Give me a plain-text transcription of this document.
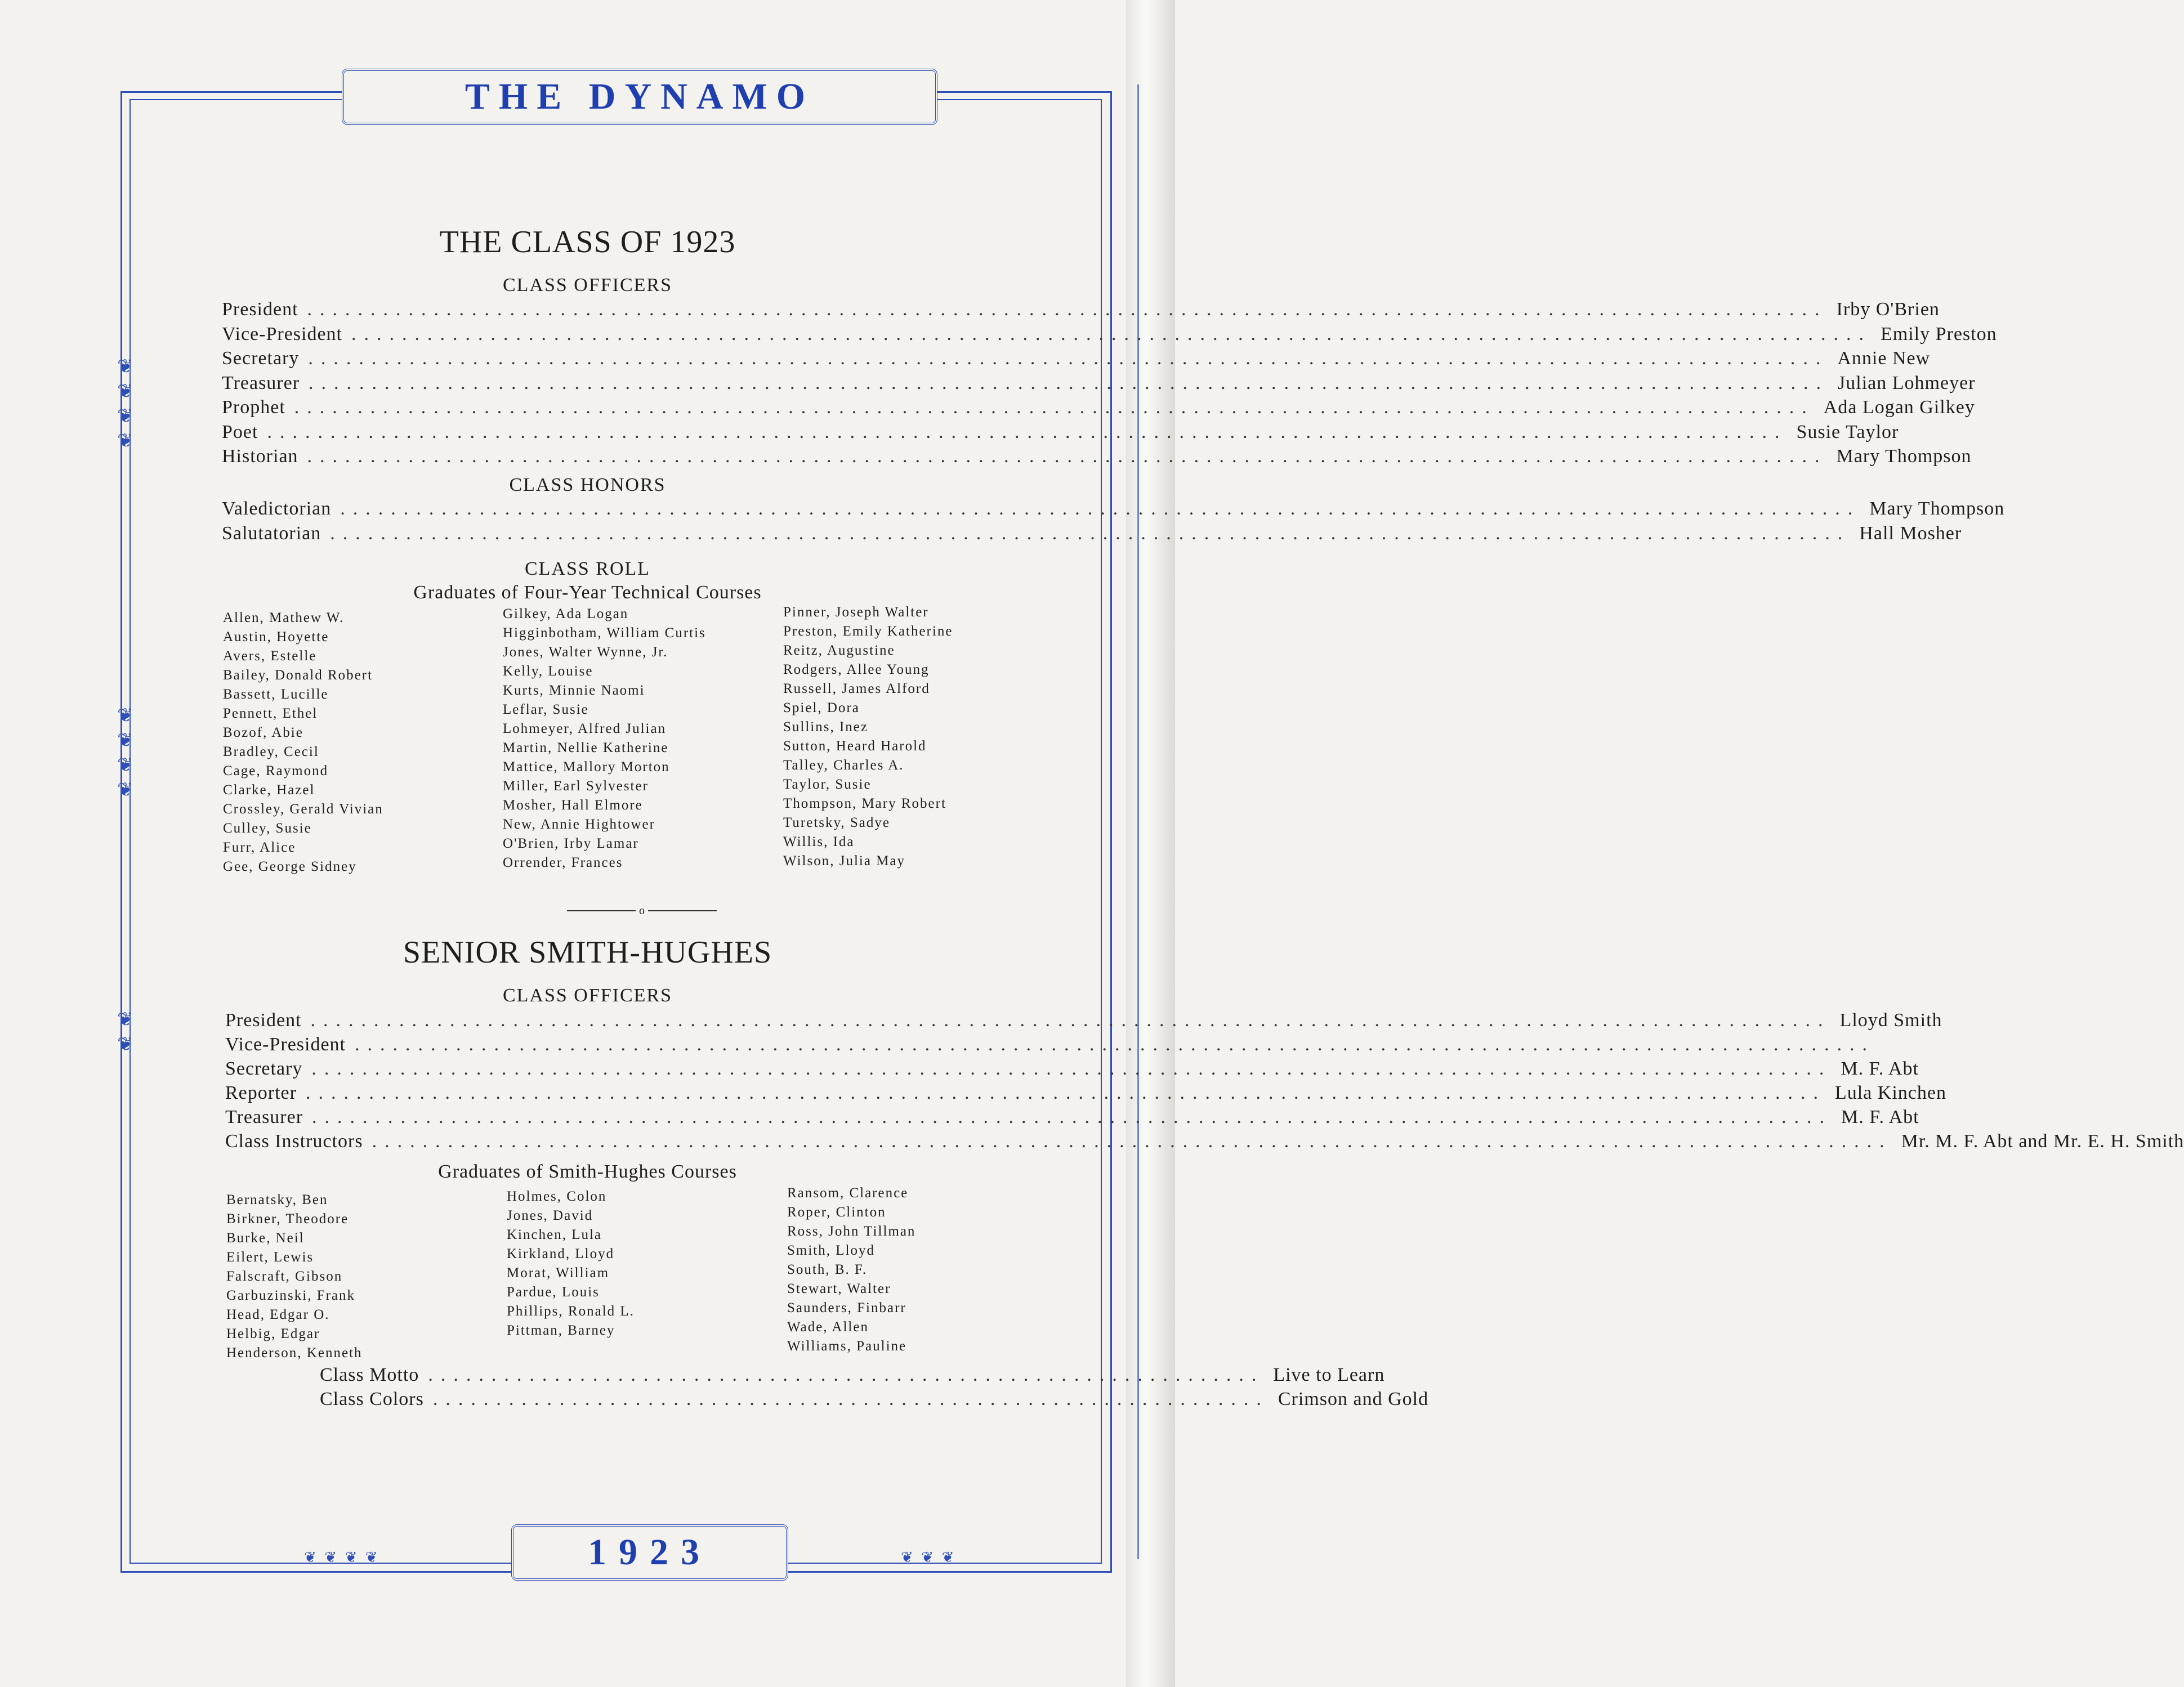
❦
❦
❦
❦
❦
❦
❦
❦
❦
❦
❦ ❦ ❦ ❦	❦ ❦ ❦
THE DYNAMO
1923
THE CLASS OF 1923
CLASS OFFICERS
President ........................................................................................................................ Irby O'Brien
Vice-President ........................................................................................................................ Emily Preston
Secretary ........................................................................................................................ Annie New
Treasurer ........................................................................................................................ Julian Lohmeyer
Prophet ........................................................................................................................ Ada Logan Gilkey
Poet ........................................................................................................................ Susie Taylor
Historian ........................................................................................................................ Mary Thompson
CLASS HONORS
Valedictorian ........................................................................................................................ Mary Thompson
Salutatorian ........................................................................................................................ Hall Mosher
CLASS ROLL
Graduates of Four-Year Technical Courses
Allen, Mathew W.
Austin, Hoyette
Avers, Estelle
Bailey, Donald Robert
Bassett, Lucille
Pennett, Ethel
Bozof, Abie
Bradley, Cecil
Cage, Raymond
Clarke, Hazel
Crossley, Gerald Vivian
Culley, Susie
Furr, Alice
Gee, George Sidney
Gilkey, Ada Logan
Higginbotham, William Curtis
Jones, Walter Wynne, Jr.
Kelly, Louise
Kurts, Minnie Naomi
Leflar, Susie
Lohmeyer, Alfred Julian
Martin, Nellie Katherine
Mattice, Mallory Morton
Miller, Earl Sylvester
Mosher, Hall Elmore
New, Annie Hightower
O'Brien, Irby Lamar
Orrender, Frances
Pinner, Joseph Walter
Preston, Emily Katherine
Reitz, Augustine
Rodgers, Allee Young
Russell, James Alford
Spiel, Dora
Sullins, Inez
Sutton, Heard Harold
Talley, Charles A.
Taylor, Susie
Thompson, Mary Robert
Turetsky, Sadye
Willis, Ida
Wilson, Julia May
o
SENIOR SMITH-HUGHES
CLASS OFFICERS
President ........................................................................................................................ Lloyd Smith
Vice-President ........................................................................................................................
Secretary ........................................................................................................................ M. F. Abt
Reporter ........................................................................................................................ Lula Kinchen
Treasurer ........................................................................................................................ M. F. Abt
Class Instructors ........................................................................................................................ Mr. M. F. Abt and Mr. E. H. Smith
Graduates of Smith-Hughes Courses
Bernatsky, Ben
Birkner, Theodore
Burke, Neil
Eilert, Lewis
Falscraft, Gibson
Garbuzinski, Frank
Head, Edgar O.
Helbig, Edgar
Henderson, Kenneth
Holmes, Colon
Jones, David
Kinchen, Lula
Kirkland, Lloyd
Morat, William
Pardue, Louis
Phillips, Ronald L.
Pittman, Barney
Ransom, Clarence
Roper, Clinton
Ross, John Tillman
Smith, Lloyd
South, B. F.
Stewart, Walter
Saunders, Finbarr
Wade, Allen
Williams, Pauline
Class Motto .................................................................. Live to Learn
Class Colors .................................................................. Crimson and Gold
